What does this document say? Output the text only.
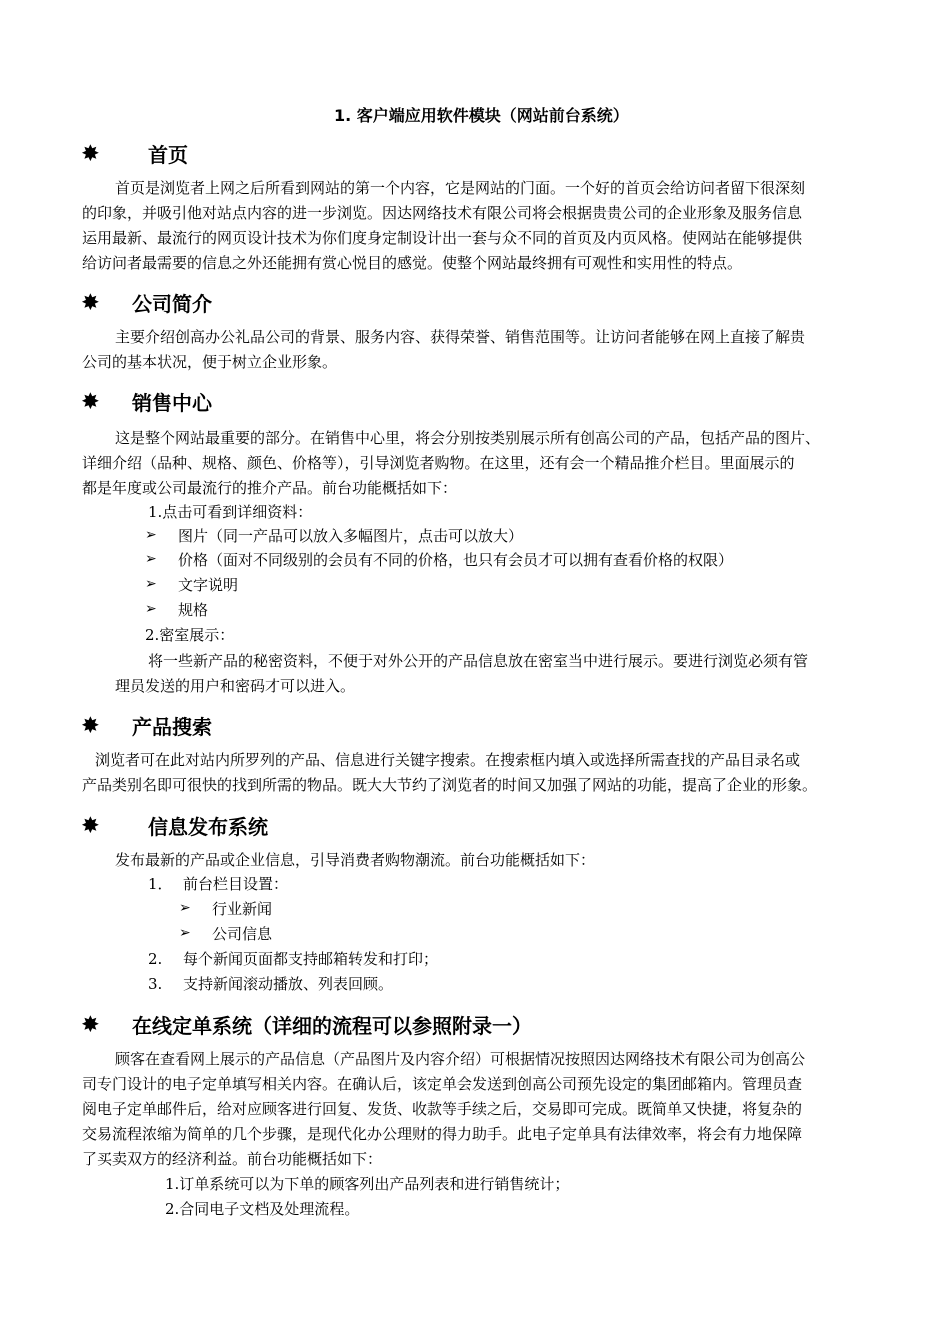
1. 客户端应用软件模块（网站前台系统）
✸ 首页
首页是浏览者上网之后所看到网站的第一个内容，它是网站的门面。一个好的首页会给访问者留下很深刻
的印象，并吸引他对站点内容的进一步浏览。因达网络技术有限公司将会根据贵贵公司的企业形象及服务信息
运用最新、最流行的网页设计技术为你们度身定制设计出一套与众不同的首页及内页风格。使网站在能够提供
给访问者最需要的信息之外还能拥有赏心悦目的感觉。使整个网站最终拥有可观性和实用性的特点。
✸ 公司简介
主要介绍创高办公礼品公司的背景、服务内容、获得荣誉、销售范围等。让访问者能够在网上直接了解贵
公司的基本状况，便于树立企业形象。
✸ 销售中心
这是整个网站最重要的部分。在销售中心里，将会分别按类别展示所有创高公司的产品，包括产品的图片、
详细介绍（品种、规格、颜色、价格等），引导浏览者购物。在这里，还有会一个精品推介栏目。里面展示的
都是年度或公司最流行的推介产品。前台功能概括如下：
1.点击可看到详细资料：
➢ 图片（同一产品可以放入多幅图片，点击可以放大）
➢ 价格（面对不同级别的会员有不同的价格，也只有会员才可以拥有查看价格的权限）
➢ 文字说明
➢ 规格
2.密室展示：
将一些新产品的秘密资料，不便于对外公开的产品信息放在密室当中进行展示。要进行浏览必须有管
理员发送的用户和密码才可以进入。
✸ 产品搜索
浏览者可在此对站内所罗列的产品、信息进行关键字搜索。在搜索框内填入或选择所需查找的产品目录名或
产品类别名即可很快的找到所需的物品。既大大节约了浏览者的时间又加强了网站的功能，提高了企业的形象。
✸ 信息发布系统
发布最新的产品或企业信息，引导消费者购物潮流。前台功能概括如下：
1． 前台栏目设置：
➢ 行业新闻
➢ 公司信息
2. 每个新闻页面都支持邮箱转发和打印；
3. 支持新闻滚动播放、列表回顾。
✸ 在线定单系统（详细的流程可以参照附录一）
顾客在查看网上展示的产品信息（产品图片及内容介绍）可根据情况按照因达网络技术有限公司为创高公
司专门设计的电子定单填写相关内容。在确认后，该定单会发送到创高公司预先设定的集团邮箱内。管理员查
阅电子定单邮件后，给对应顾客进行回复、发货、收款等手续之后，交易即可完成。既简单又快捷，将复杂的
交易流程浓缩为简单的几个步骤，是现代化办公理财的得力助手。此电子定单具有法律效率，将会有力地保障
了买卖双方的经济利益。前台功能概括如下：
1.订单系统可以为下单的顾客列出产品列表和进行销售统计；
2.合同电子文档及处理流程。
